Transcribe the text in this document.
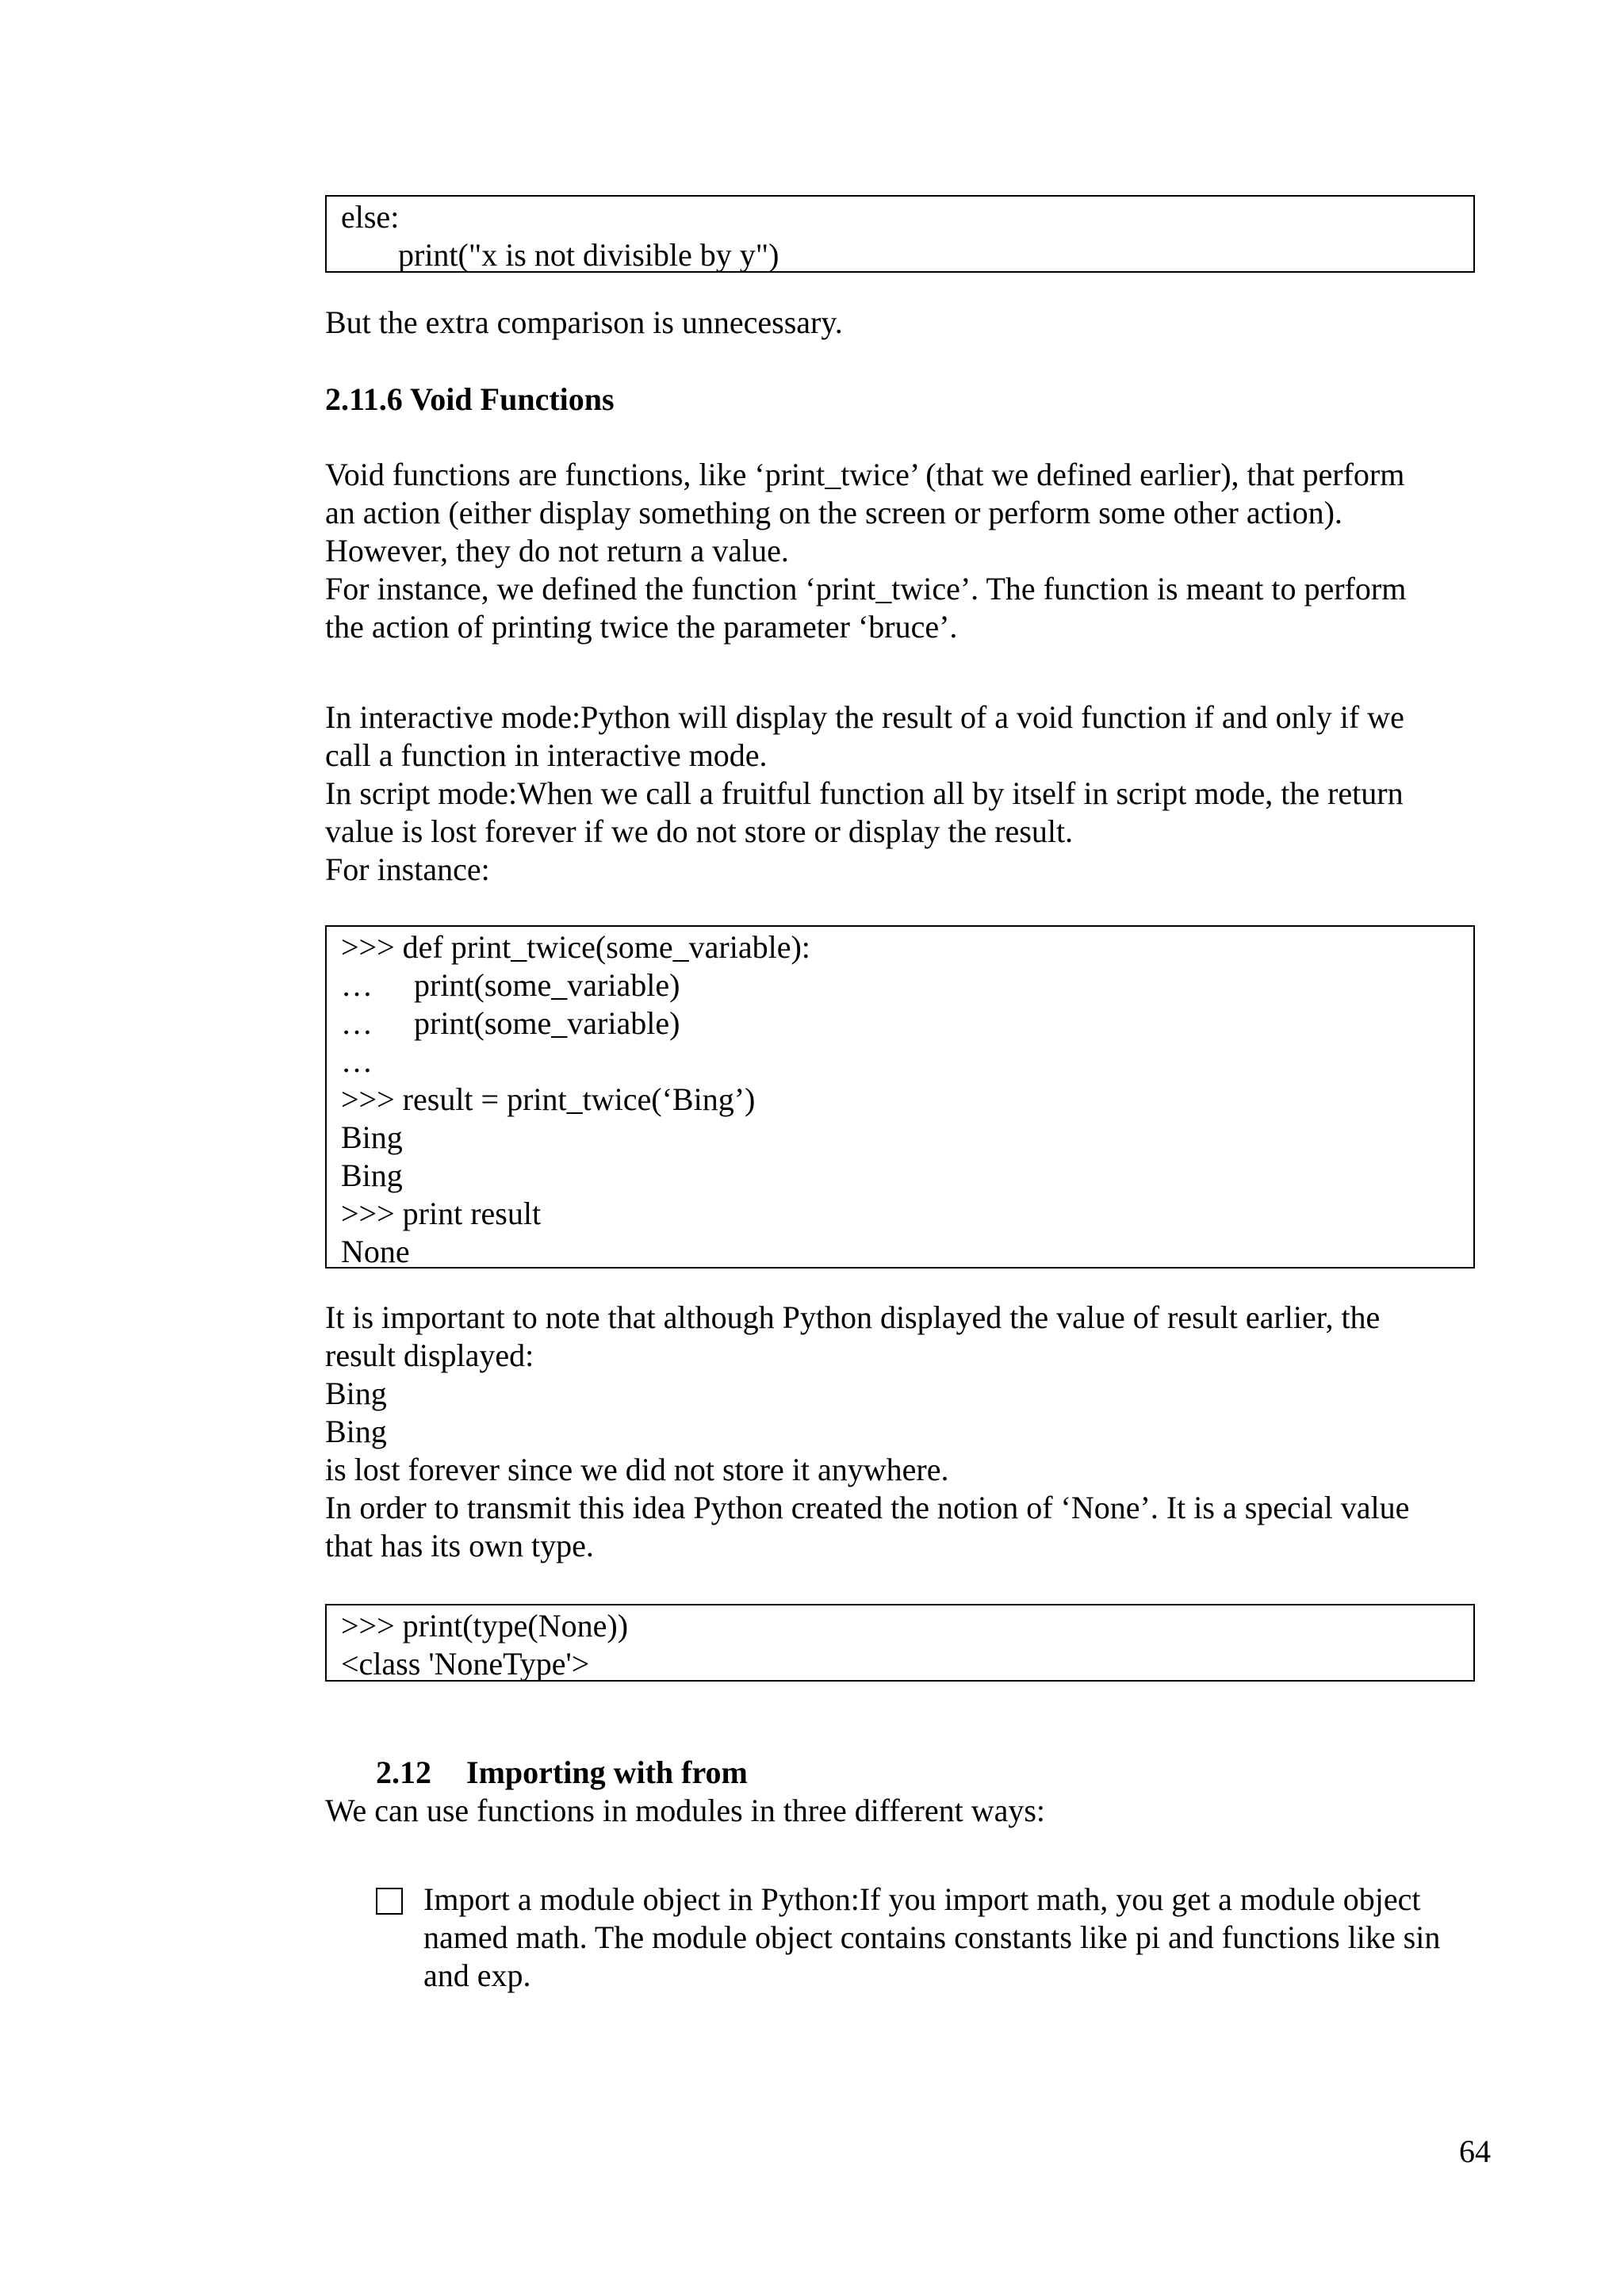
else:
print("x is not divisible by y")

But the extra comparison is unnecessary.

2.11.6 Void Functions
Void functions are functions, like ‘print_twice’ (that we defined earlier), that perform
an action (either display something on the screen or perform some other action).
However, they do not return a value.
For instance, we defined the function ‘print_twice’. The function is meant to perform
the action of printing twice the parameter ‘bruce’.
In interactive mode:Python will display the result of a void function if and only if we
call a function in interactive mode.
In script mode:When we call a fruitful function all by itself in script mode, the return
value is lost forever if we do not store or display the result.
For instance:
>>> def print_twice(some_variable):
… print(some_variable)
… print(some_variable)
…
>>> result = print_twice(‘Bing’)
Bing
Bing
>>> print result
None
It is important to note that although Python displayed the value of result earlier, the
result displayed:
Bing
Bing
is lost forever since we did not store it anywhere.
In order to transmit this idea Python created the notion of ‘None’. It is a special value
that has its own type.
>>> print(type(None))
<class 'NoneType'>
2.12 Importing with from

We can use functions in modules in three different ways:

Import a module object in Python:If you import math, you get a module object
named math. The module object contains constants like pi and functions like sin
and exp.
64
